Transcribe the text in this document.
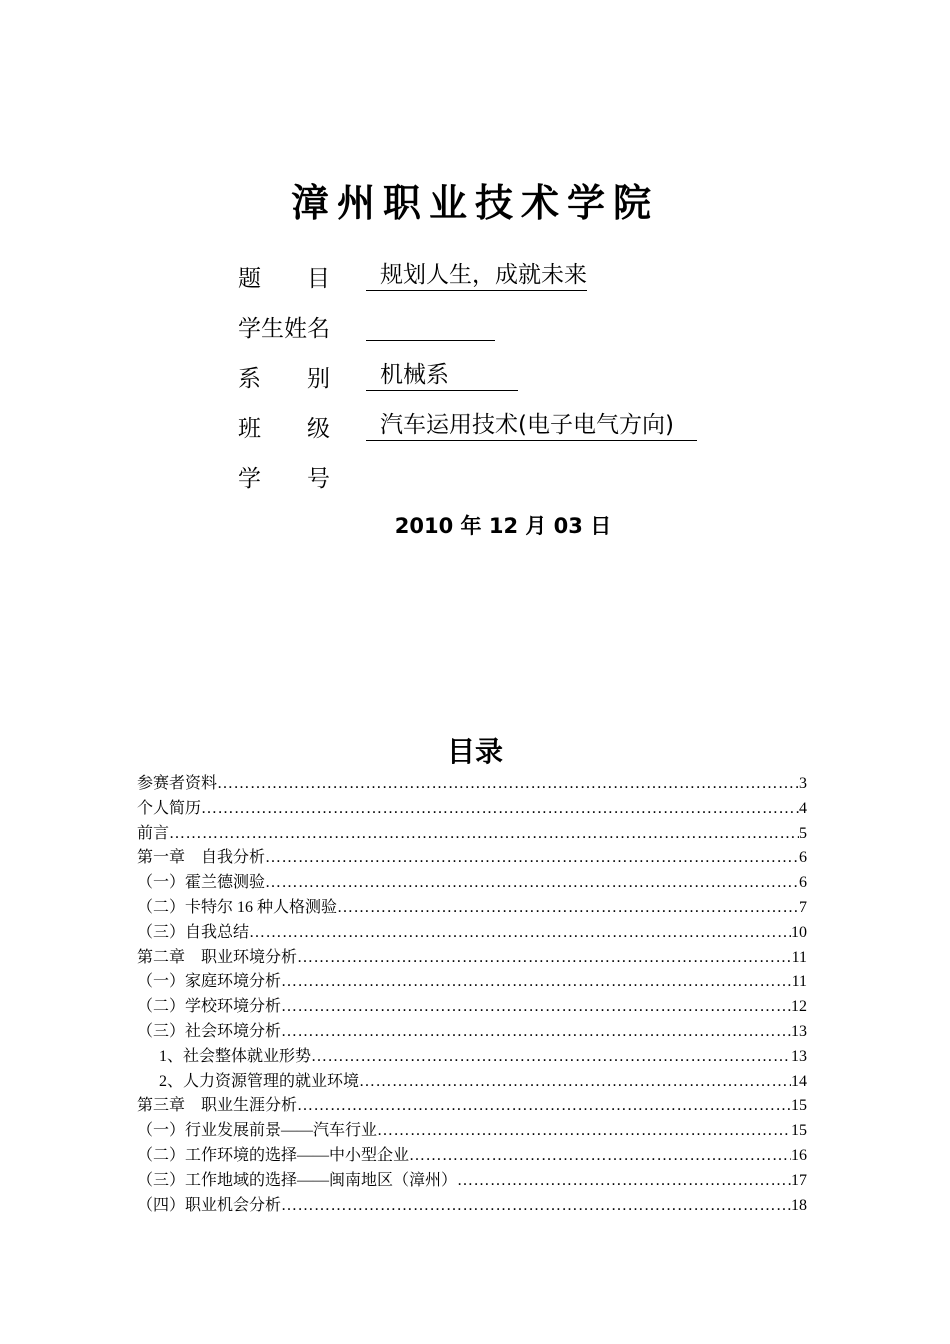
漳州职业技术学院
题　　目	规划人生，成就未来
学生姓名

系　　别	机械系　　　
班　　级	汽车运用技术(电子电气方向)　
学　　号
2010 年 12 月 03 日
目录
参赛者资料 …………………………………………………………………………………………………………………………………………………………	3
个人简历 …………………………………………………………………………………………………………………………………………………………	4
前言 …………………………………………………………………………………………………………………………………………………………	5
第一章　自我分析 …………………………………………………………………………………………………………………………………………………………	6
（一）霍兰德测验 …………………………………………………………………………………………………………………………………………………………	6
（二）卡特尔 16 种人格测验 …………………………………………………………………………………………………………………………………………………………	7
（三）自我总结 …………………………………………………………………………………………………………………………………………………………	10
第二章　职业环境分析 …………………………………………………………………………………………………………………………………………………………	11
（一）家庭环境分析 …………………………………………………………………………………………………………………………………………………………	11
（二）学校环境分析 …………………………………………………………………………………………………………………………………………………………	12
（三）社会环境分析 …………………………………………………………………………………………………………………………………………………………	13
1、社会整体就业形势 …………………………………………………………………………………………………………………………………………………………	13
2、人力资源管理的就业环境 …………………………………………………………………………………………………………………………………………………………	14
第三章　职业生涯分析 …………………………………………………………………………………………………………………………………………………………	15
（一）行业发展前景——汽车行业 …………………………………………………………………………………………………………………………………………………………	15
（二）工作环境的选择——中小型企业 …………………………………………………………………………………………………………………………………………………………	16
（三）工作地域的选择——闽南地区（漳州） …………………………………………………………………………………………………………………………………………………………	17
（四）职业机会分析 …………………………………………………………………………………………………………………………………………………………	18
